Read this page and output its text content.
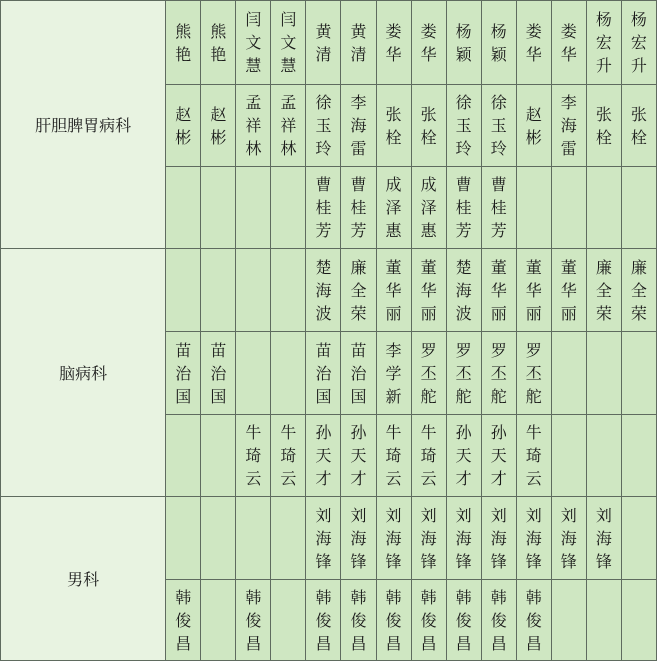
肝胆脾胃病科	熊艳	熊艳	闫文慧	闫文慧	黄清	黄清	娄华	娄华	杨颖	杨颖	娄华	娄华	杨宏升	杨宏升
	赵彬	赵彬	孟祥林	孟祥林	徐玉玲	李海雷	张栓	张栓	徐玉玲	徐玉玲	赵彬	李海雷	张栓	张栓
					曹桂芳	曹桂芳	成泽惠	成泽惠	曹桂芳	曹桂芳				
脑病科					楚海波	廉全荣	董华丽	董华丽	楚海波	董华丽	董华丽	董华丽	廉全荣	廉全荣
	苗治国	苗治国			苗治国	苗治国	李学新	罗丕舵	罗丕舵	罗丕舵	罗丕舵			
			牛琦云	牛琦云	孙天才	孙天才	牛琦云	牛琦云	孙天才	孙天才	牛琦云			
男科					刘海锋	刘海锋	刘海锋	刘海锋	刘海锋	刘海锋	刘海锋	刘海锋	刘海锋	
	韩俊昌		韩俊昌		韩俊昌	韩俊昌	韩俊昌	韩俊昌	韩俊昌	韩俊昌	韩俊昌			
